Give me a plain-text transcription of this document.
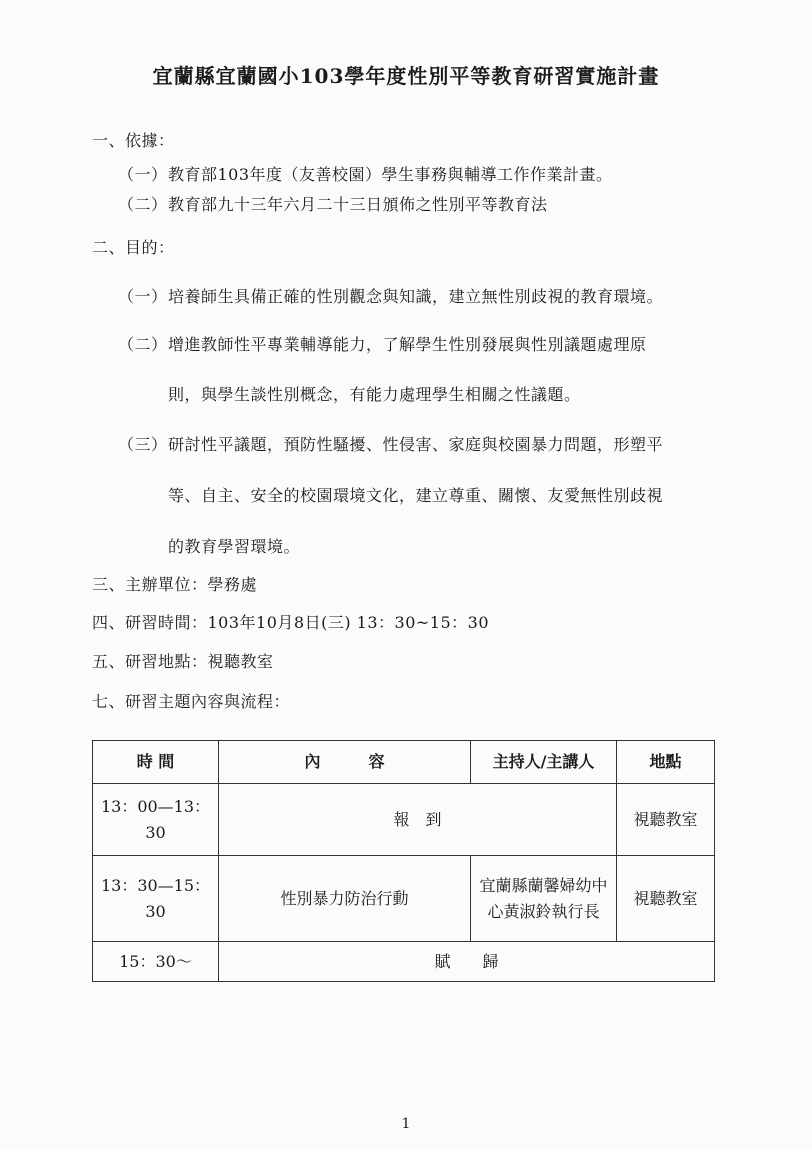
宜蘭縣宜蘭國小103學年度性別平等教育研習實施計畫
一、依據：
（一）教育部103年度（友善校園）學生事務與輔導工作作業計畫。
（二）教育部九十三年六月二十三日頒佈之性別平等教育法
二、目的：
（一）培養師生具備正確的性別觀念與知識，建立無性別歧視的教育環境。
（二）增進教師性平專業輔導能力，了解學生性別發展與性別議題處理原
則，與學生談性別概念，有能力處理學生相關之性議題。
（三）研討性平議題，預防性騷擾、性侵害、家庭與校園暴力問題，形塑平
等、自主、安全的校園環境文化，建立尊重、關懷、友愛無性別歧視
的教育學習環境。
三、主辦單位：學務處
四、研習時間：103年10月8日(三) 13：30~15：30
五、研習地點：視聽教室
七、研習主題內容與流程：
時 間	內　　　容	主持人/主講人	地點
13：00—13：30	報　到		視聽教室
13：30—15：30	性別暴力防治行動	宜蘭縣蘭馨婦幼中心黃淑鈴執行長	視聽教室
15：30～	賦　　歸		
1
